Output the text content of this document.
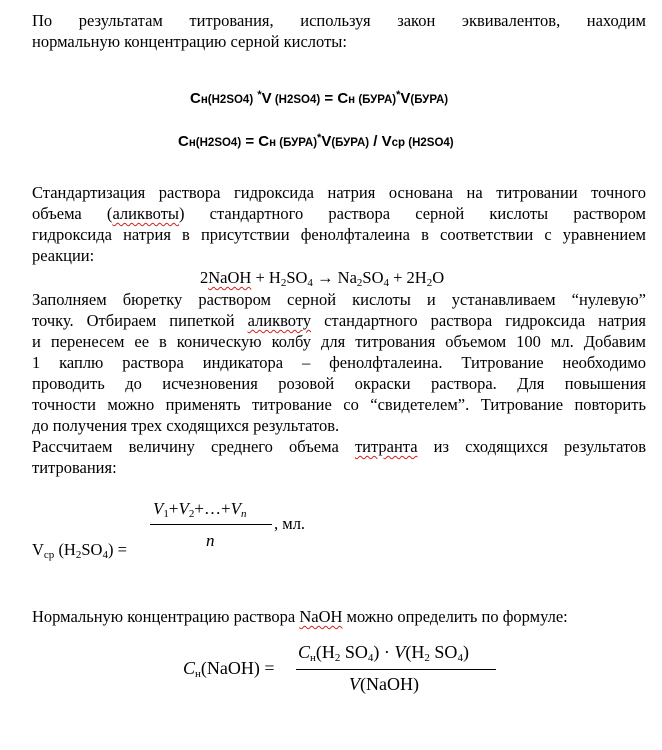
По результатам титрования, используя закон эквивалентов, находим
нормальную концентрацию серной кислоты:
Cн(H2SO4) *V (H2SO4) = Cн (БУРА)*V(БУРА)
Cн(H2SO4) = Cн (БУРА)*V(БУРА) / Vср (H2SO4)
Стандартизация раствора гидроксида натрия основана на титровании точного
объема (аликвоты) стандартного раствора серной кислоты раствором
гидроксида натрия в присутствии фенолфталеина в соответствии с уравнением
реакции:
2NaOH + $H_2SO_4 \to Na_2SO_4 + 2H_2O$
Заполняем бюретку раствором серной кислоты и устанавливаем “нулевую”
точку. Отбираем пипеткой аликвоту стандартного раствора гидроксида натрия
и перенесем ее в коническую колбу для титрования объемом 100 мл. Добавим
1 каплю раствора индикатора – фенолфталеина. Титрование необходимо
проводить до исчезновения розовой окраски раствора. Для повышения
точности можно применять титрование со “свидетелем”. Титрование повторить
до получения трех сходящихся результатов.
Рассчитаем величину среднего объема титранта из сходящихся результатов
титрования:
$V_{ср}$ $(H_2SO_4)$ =
$V_1+V_2+\dots+V_n$
n
, мл.
Нормальную концентрацию раствора NaOH можно определить по формуле:
$C_н(NaOH)$ =
$C_н(H_2$ $SO_4) \cdot V(H_2$ $SO_4$)
V(NaOH)
